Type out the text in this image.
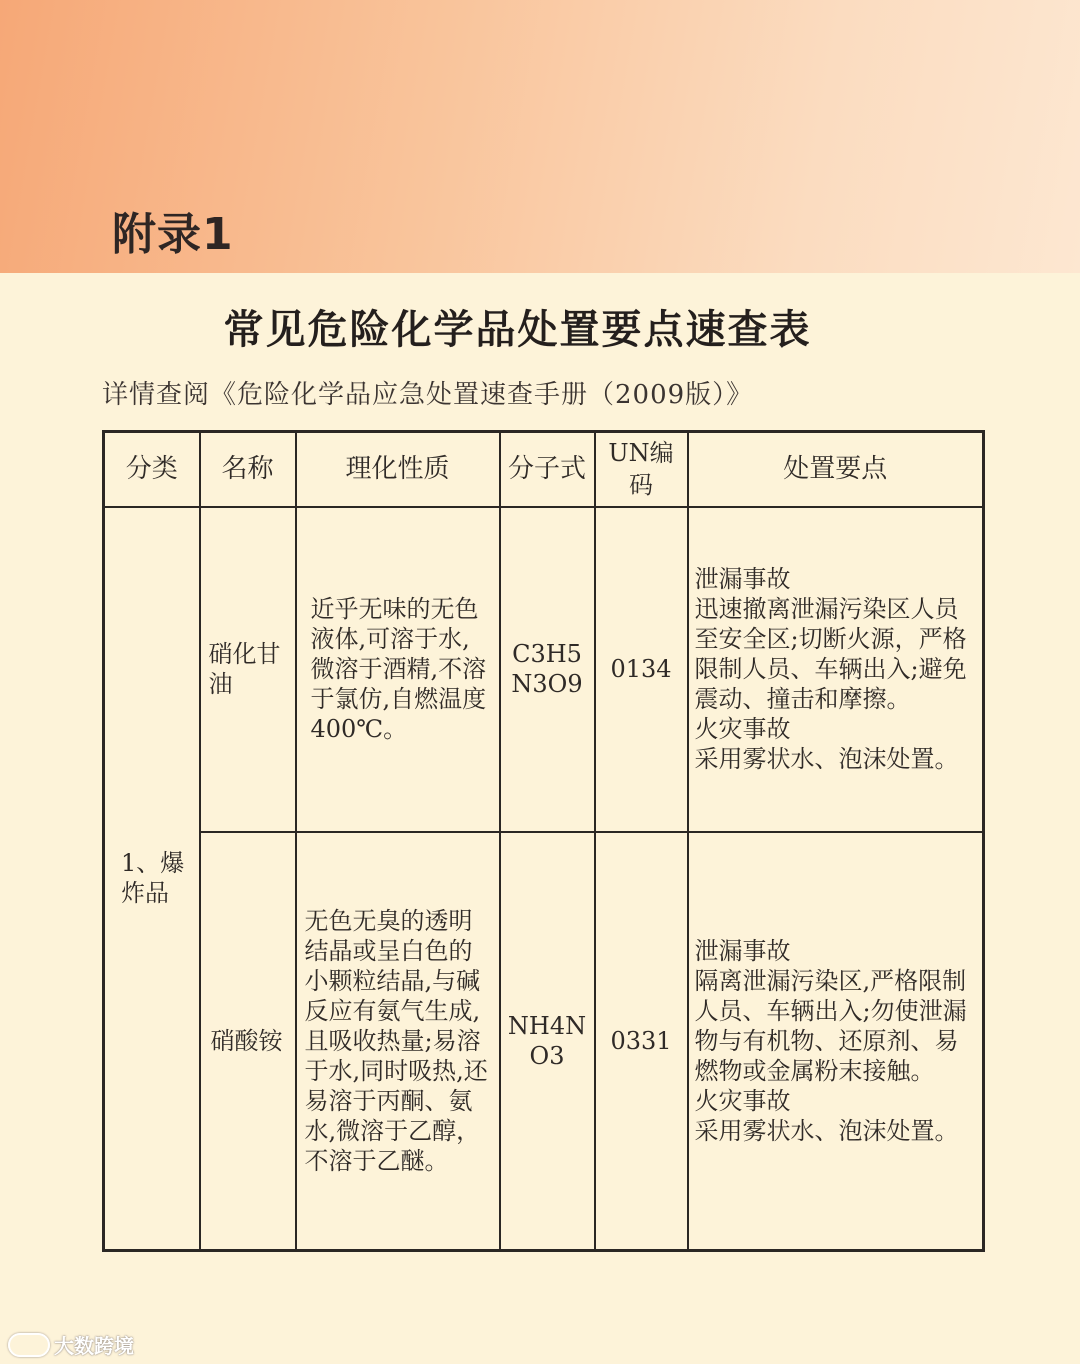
附录1
常见危险化学品处置要点速查表
详情查阅《危险化学品应急处置速查手册（2009版）》
分类	名称	理化性质	分子式	UN编码	处置要点
1、爆炸品	硝化甘油	近乎无味的无色液体,可溶于水,微溶于酒精,不溶于氯仿,自燃温度400℃。	C3H5N3O9	0134	泄漏事故
迅速撤离泄漏污染区人员至安全区;切断火源，严格限制人员、车辆出入;避免震动、撞击和摩擦。
火灾事故
采用雾状水、泡沫处置。

	硝酸铵	无色无臭的透明结晶或呈白色的小颗粒结晶,与碱反应有氨气生成,且吸收热量;易溶于水,同时吸热,还易溶于丙酮、氨水,微溶于乙醇，不溶于乙醚。	NH4NO3	0331	泄漏事故
隔离泄漏污染区,严格限制人员、车辆出入;勿使泄漏物与有机物、还原剂、易燃物或金属粉末接触。
火灾事故
采用雾状水、泡沫处置。
大数跨境
